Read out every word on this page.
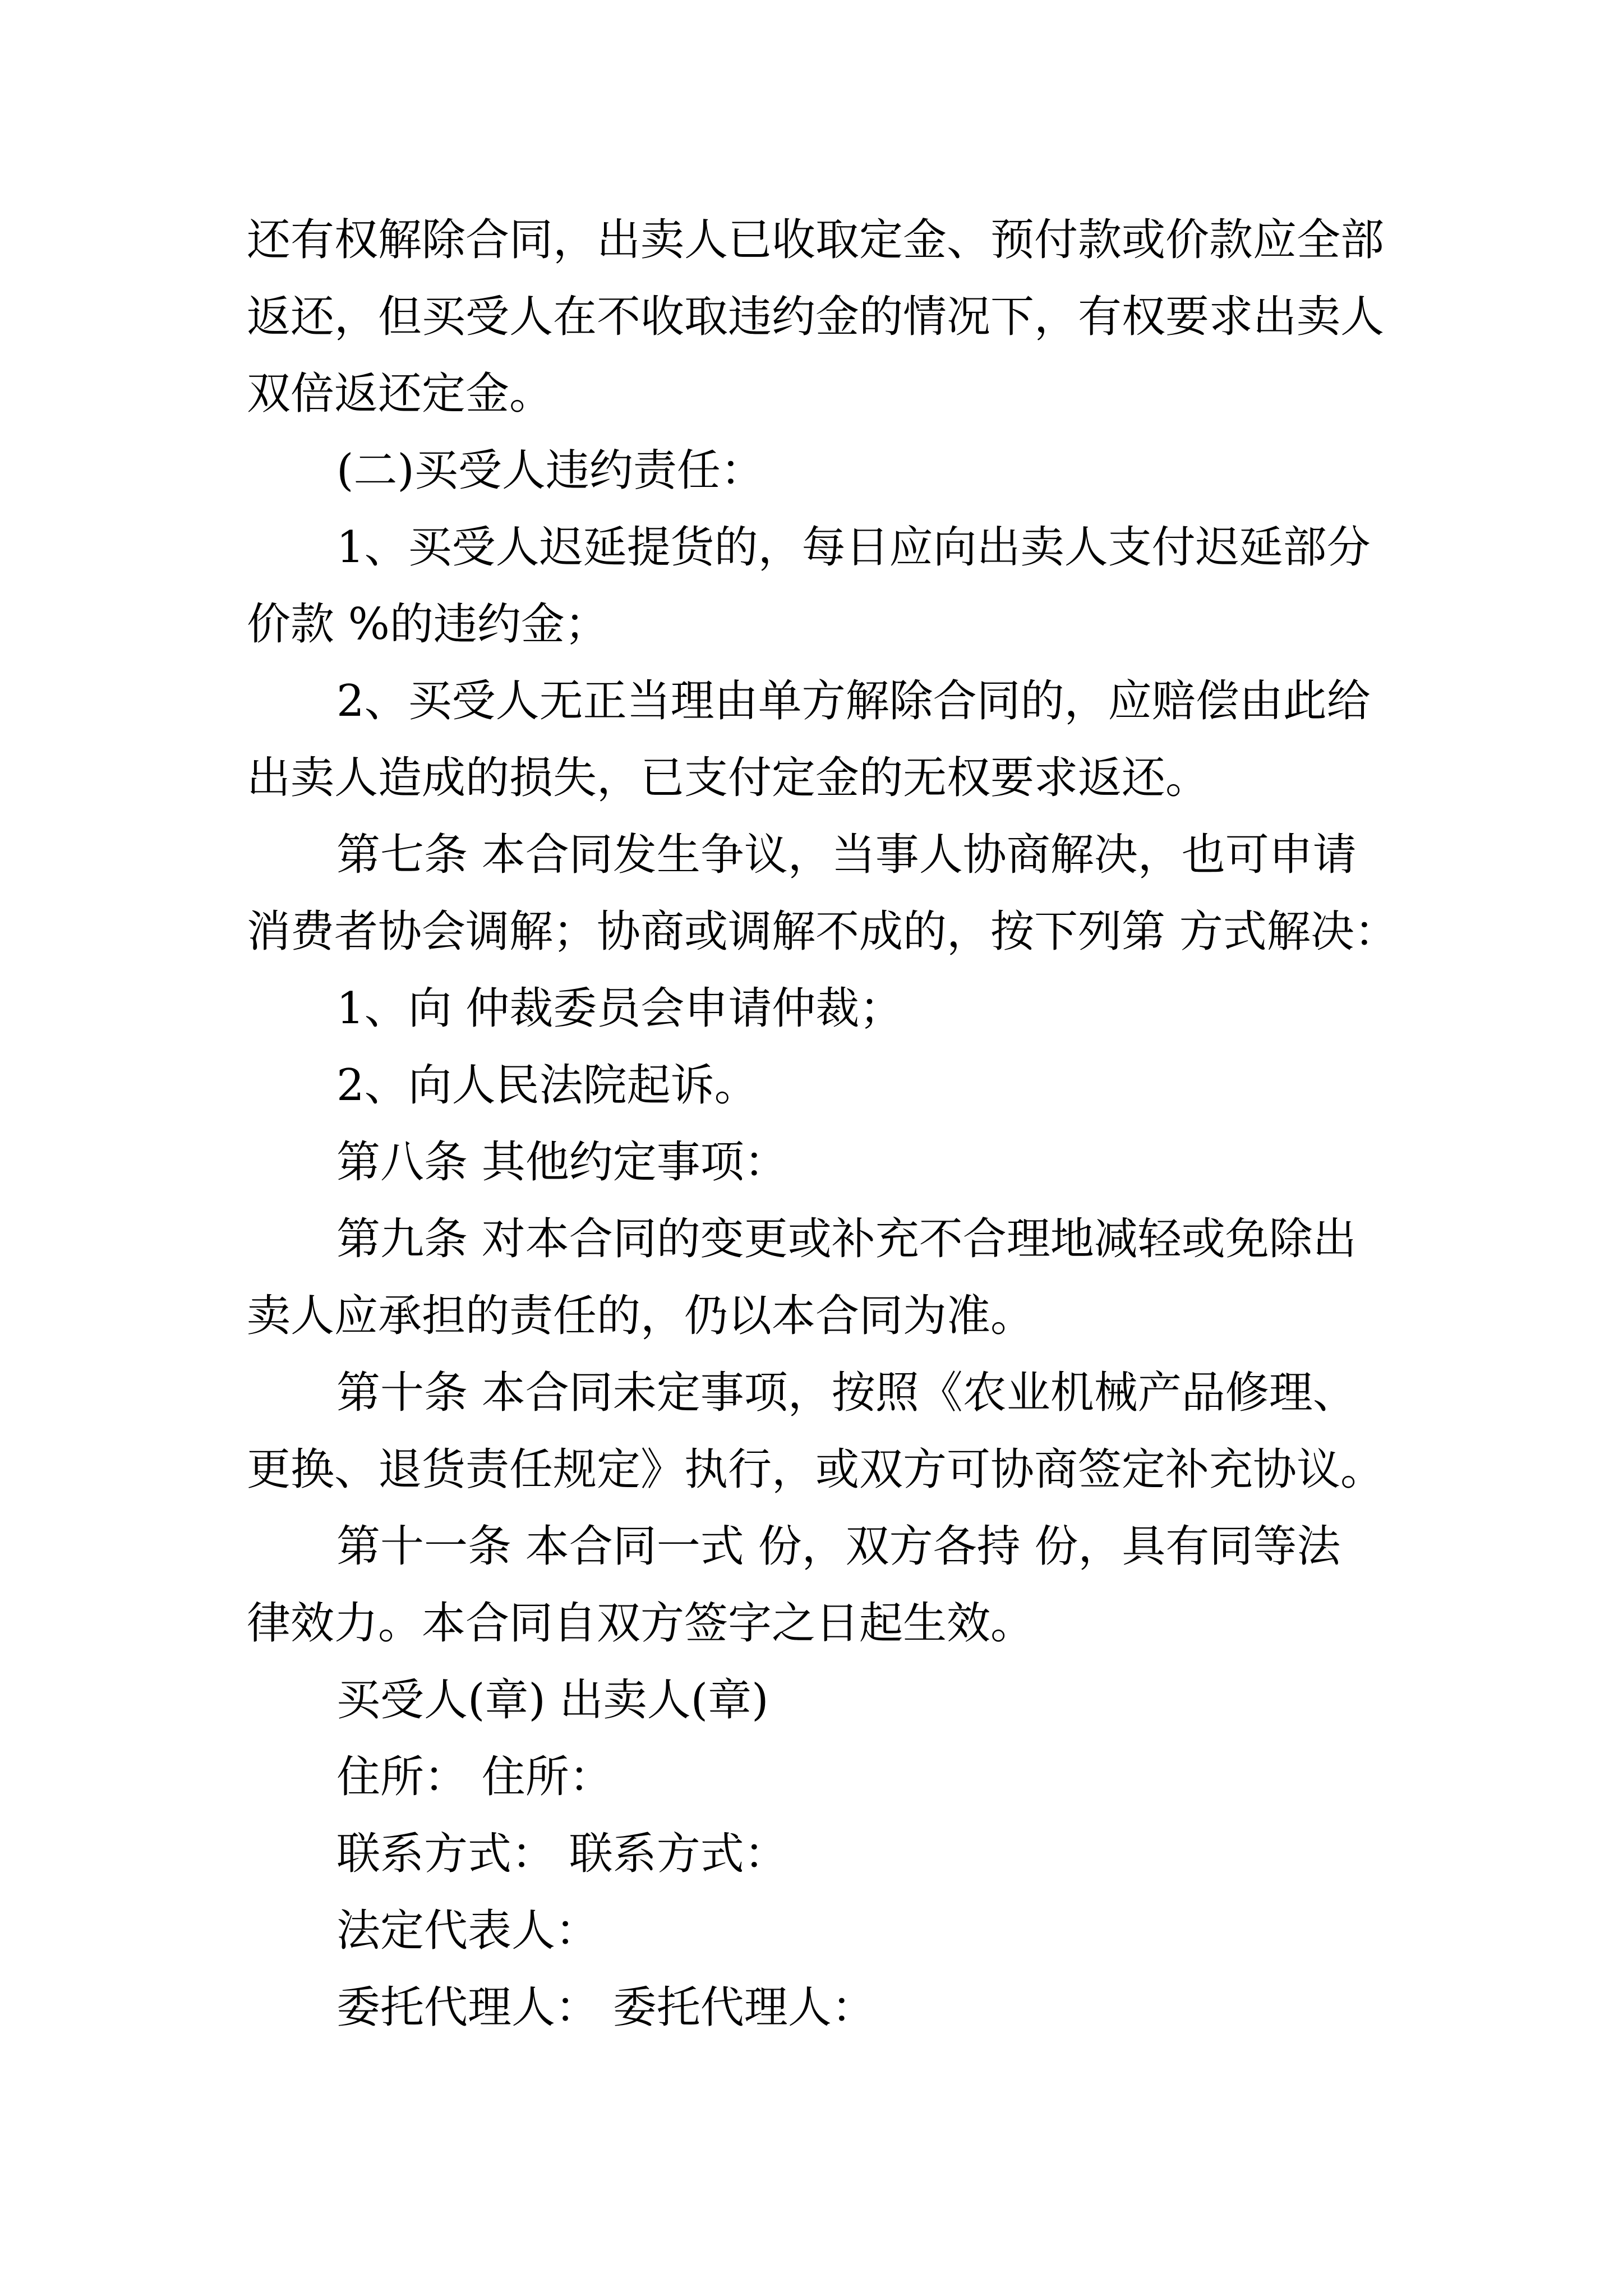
还有权解除合同，出卖人已收取定金、预付款或价款应全部
返还，但买受人在不收取违约金的情况下，有权要求出卖人
双倍返还定金。
(二)买受人违约责任：
1、买受人迟延提货的，每日应向出卖人支付迟延部分
价款 %的违约金；
2、买受人无正当理由单方解除合同的，应赔偿由此给
出卖人造成的损失，已支付定金的无权要求返还。
第七条 本合同发生争议，当事人协商解决，也可申请
消费者协会调解；协商或调解不成的，按下列第 方式解决：
1、向 仲裁委员会申请仲裁；
2、向人民法院起诉。
第八条 其他约定事项：
第九条 对本合同的变更或补充不合理地减轻或免除出
卖人应承担的责任的，仍以本合同为准。
第十条 本合同未定事项，按照《农业机械产品修理、
更换、退货责任规定》执行，或双方可协商签定补充协议。
第十一条 本合同一式 份，双方各持 份，具有同等法
律效力。本合同自双方签字之日起生效。
买受人(章) 出卖人(章)
住所： 住所：
联系方式： 联系方式：
法定代表人：
委托代理人： 委托代理人：
